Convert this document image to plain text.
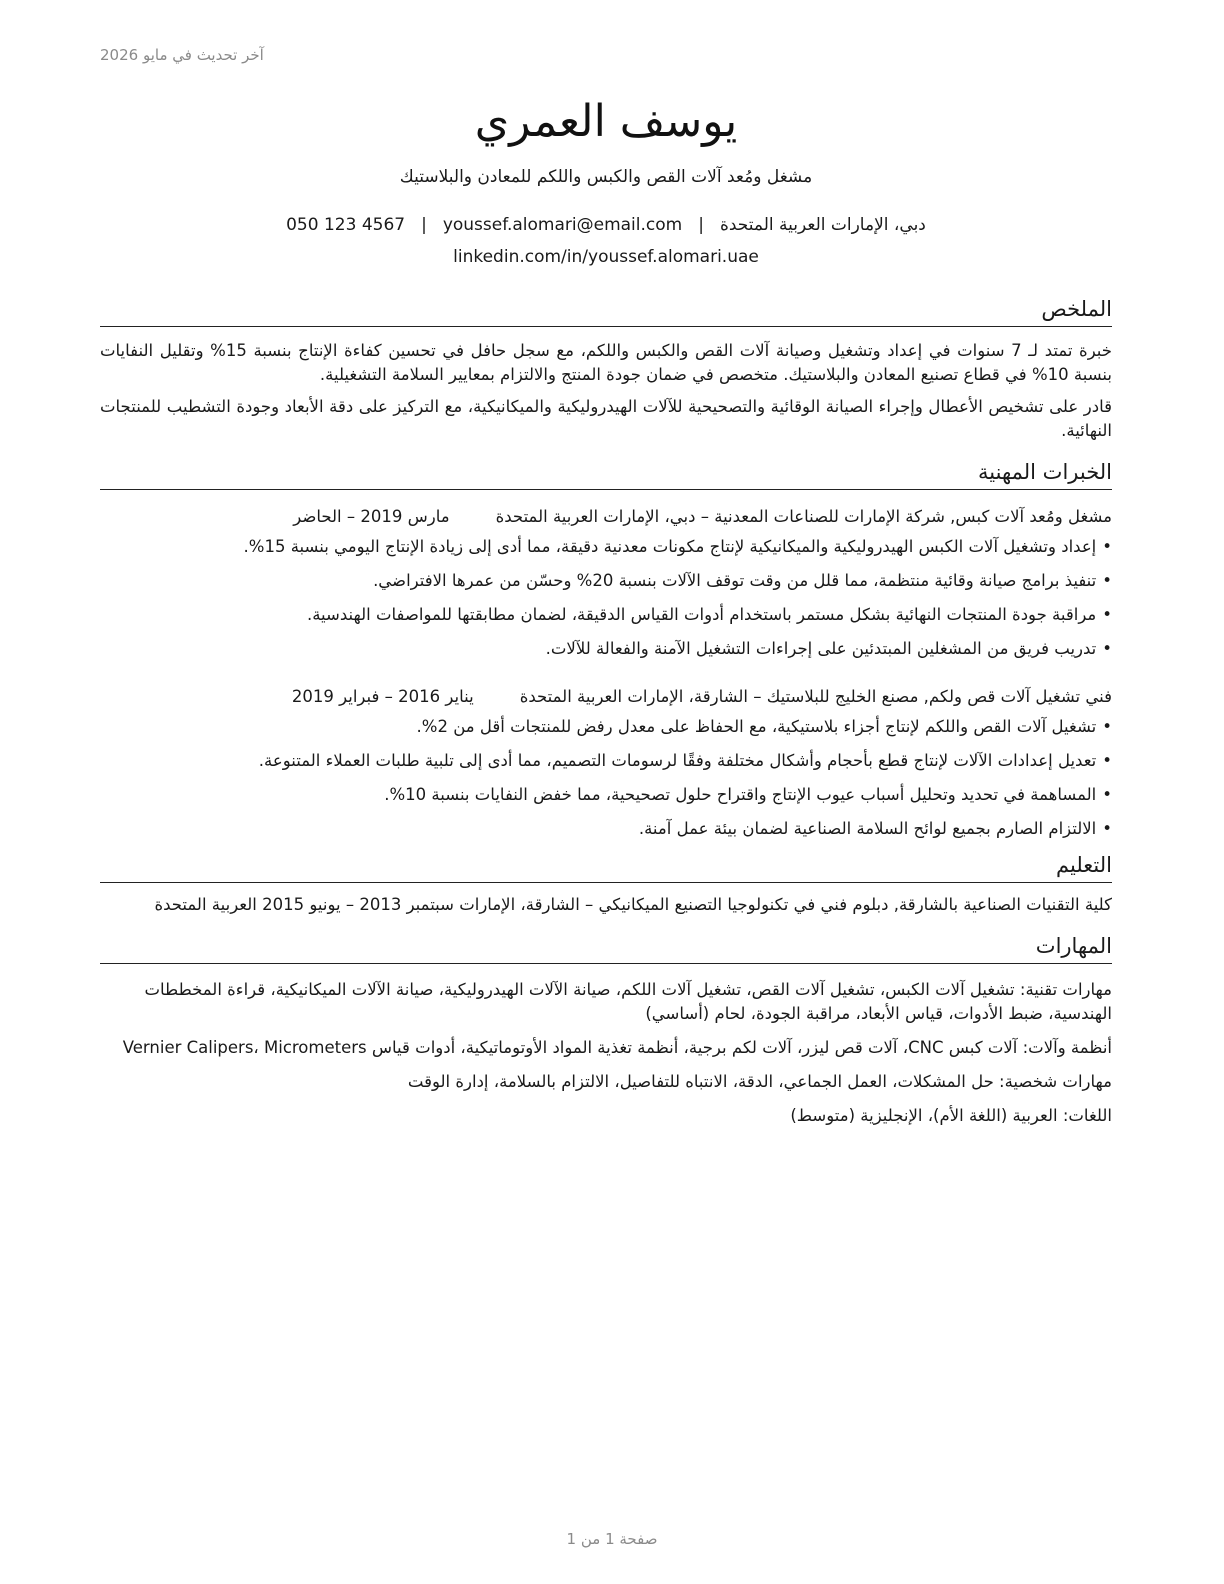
آخر تحديث في مايو 2026
يوسف العمري
مشغل ومُعد آلات القص والكبس واللكم للمعادن والبلاستيك
دبي، الإمارات العربية المتحدة|youssef.alomari@email.com|050 123 4567
linkedin.com/in/youssef.alomari.uae
الملخص

خبرة تمتد لـ 7 سنوات في إعداد وتشغيل وصيانة آلات القص والكبس واللكم، مع سجل حافل في تحسين كفاءة الإنتاج بنسبة 15% وتقليل النفايات بنسبة 10% في قطاع تصنيع المعادن والبلاستيك. متخصص في ضمان جودة المنتج والالتزام بمعايير السلامة التشغيلية.

قادر على تشخيص الأعطال وإجراء الصيانة الوقائية والتصحيحية للآلات الهيدروليكية والميكانيكية، مع التركيز على دقة الأبعاد وجودة التشطيب للمنتجات النهائية.

الخبرات المهنية
مشغل ومُعد آلات كبس, شركة الإمارات للصناعات المعدنية – دبي، الإمارات العربية المتحدة
مارس 2019 – الحاضر
•إعداد وتشغيل آلات الكبس الهيدروليكية والميكانيكية لإنتاج مكونات معدنية دقيقة، مما أدى إلى زيادة الإنتاج اليومي بنسبة 15%.
•تنفيذ برامج صيانة وقائية منتظمة، مما قلل من وقت توقف الآلات بنسبة 20% وحسّن من عمرها الافتراضي.
•مراقبة جودة المنتجات النهائية بشكل مستمر باستخدام أدوات القياس الدقيقة، لضمان مطابقتها للمواصفات الهندسية.
•تدريب فريق من المشغلين المبتدئين على إجراءات التشغيل الآمنة والفعالة للآلات.
فني تشغيل آلات قص ولكم, مصنع الخليج للبلاستيك – الشارقة، الإمارات العربية المتحدة
يناير 2016 – فبراير 2019
•تشغيل آلات القص واللكم لإنتاج أجزاء بلاستيكية، مع الحفاظ على معدل رفض للمنتجات أقل من 2%.
•تعديل إعدادات الآلات لإنتاج قطع بأحجام وأشكال مختلفة وفقًا لرسومات التصميم، مما أدى إلى تلبية طلبات العملاء المتنوعة.
•المساهمة في تحديد وتحليل أسباب عيوب الإنتاج واقتراح حلول تصحيحية، مما خفض النفايات بنسبة 10%.
•الالتزام الصارم بجميع لوائح السلامة الصناعية لضمان بيئة عمل آمنة.
التعليم
كلية التقنيات الصناعية بالشارقة, دبلوم فني في تكنولوجيا التصنيع الميكانيكي – الشارقة، الإمارات سبتمبر 2013 – يونيو 2015 العربية المتحدة
المهارات
مهارات تقنية: تشغيل آلات الكبس، تشغيل آلات القص، تشغيل آلات اللكم، صيانة الآلات الهيدروليكية، صيانة الآلات الميكانيكية، قراءة المخططات الهندسية، ضبط الأدوات، قياس الأبعاد، مراقبة الجودة، لحام (أساسي)
أنظمة وآلات: آلات كبس CNC، آلات قص ليزر، آلات لكم برجية، أنظمة تغذية المواد الأوتوماتيكية، أدوات قياس Vernier Calipers، Micrometers
مهارات شخصية: حل المشكلات، العمل الجماعي، الدقة، الانتباه للتفاصيل، الالتزام بالسلامة، إدارة الوقت
اللغات: العربية (اللغة الأم)، الإنجليزية (متوسط)
صفحة 1 من 1
